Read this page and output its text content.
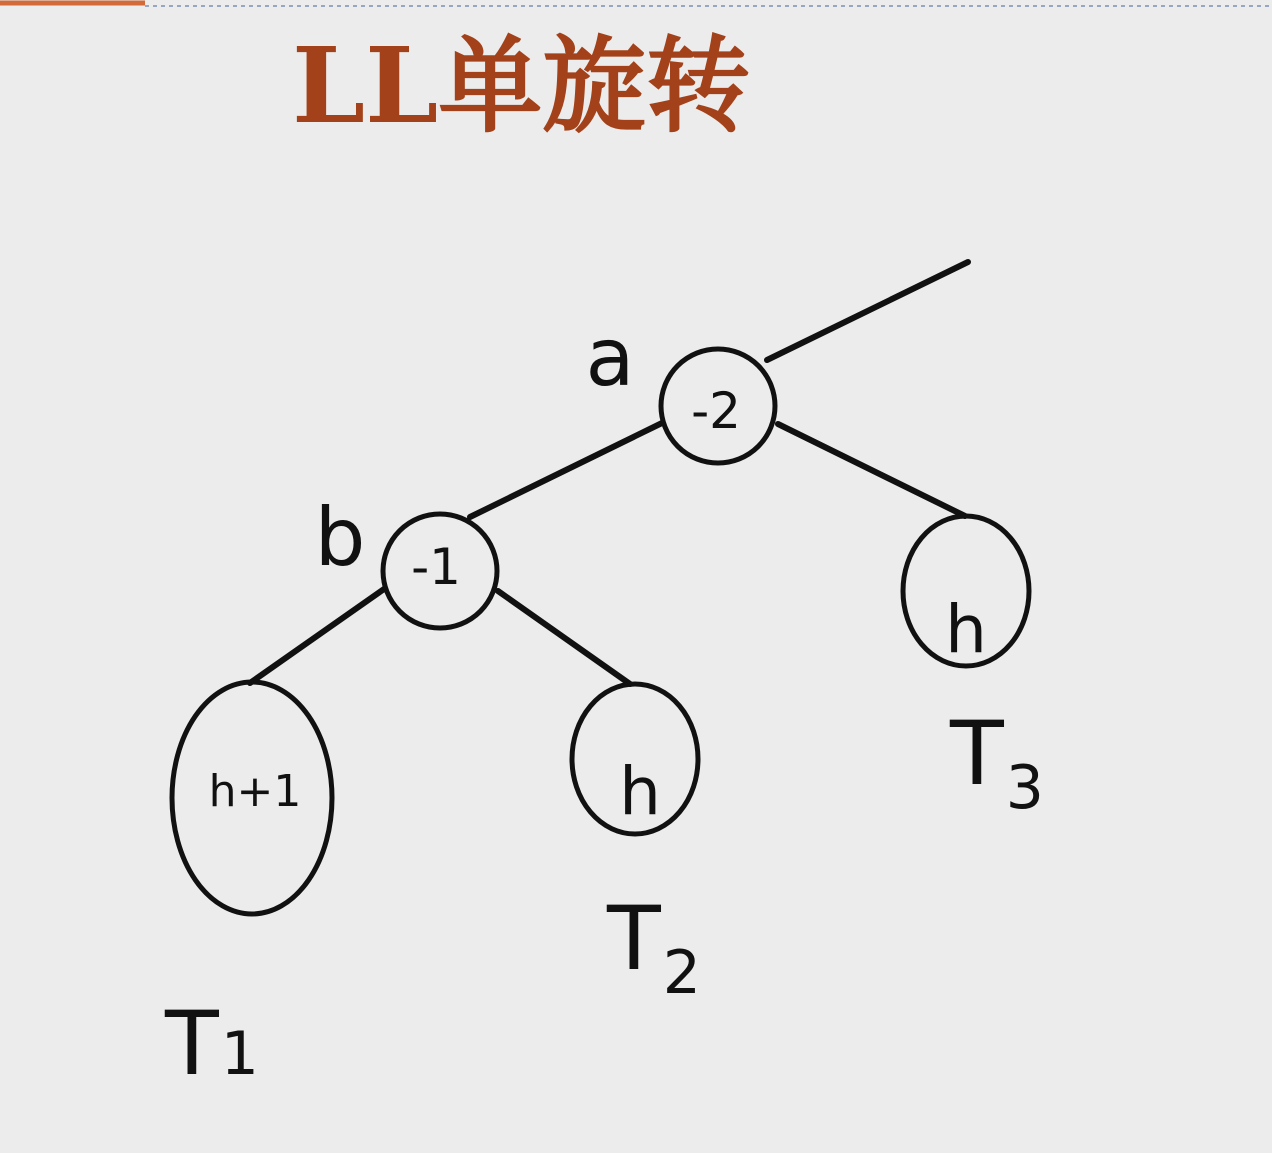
LL单旋转
-2
a
-1
b
h
$T_3$
h+1
T1
h
$T_2$
